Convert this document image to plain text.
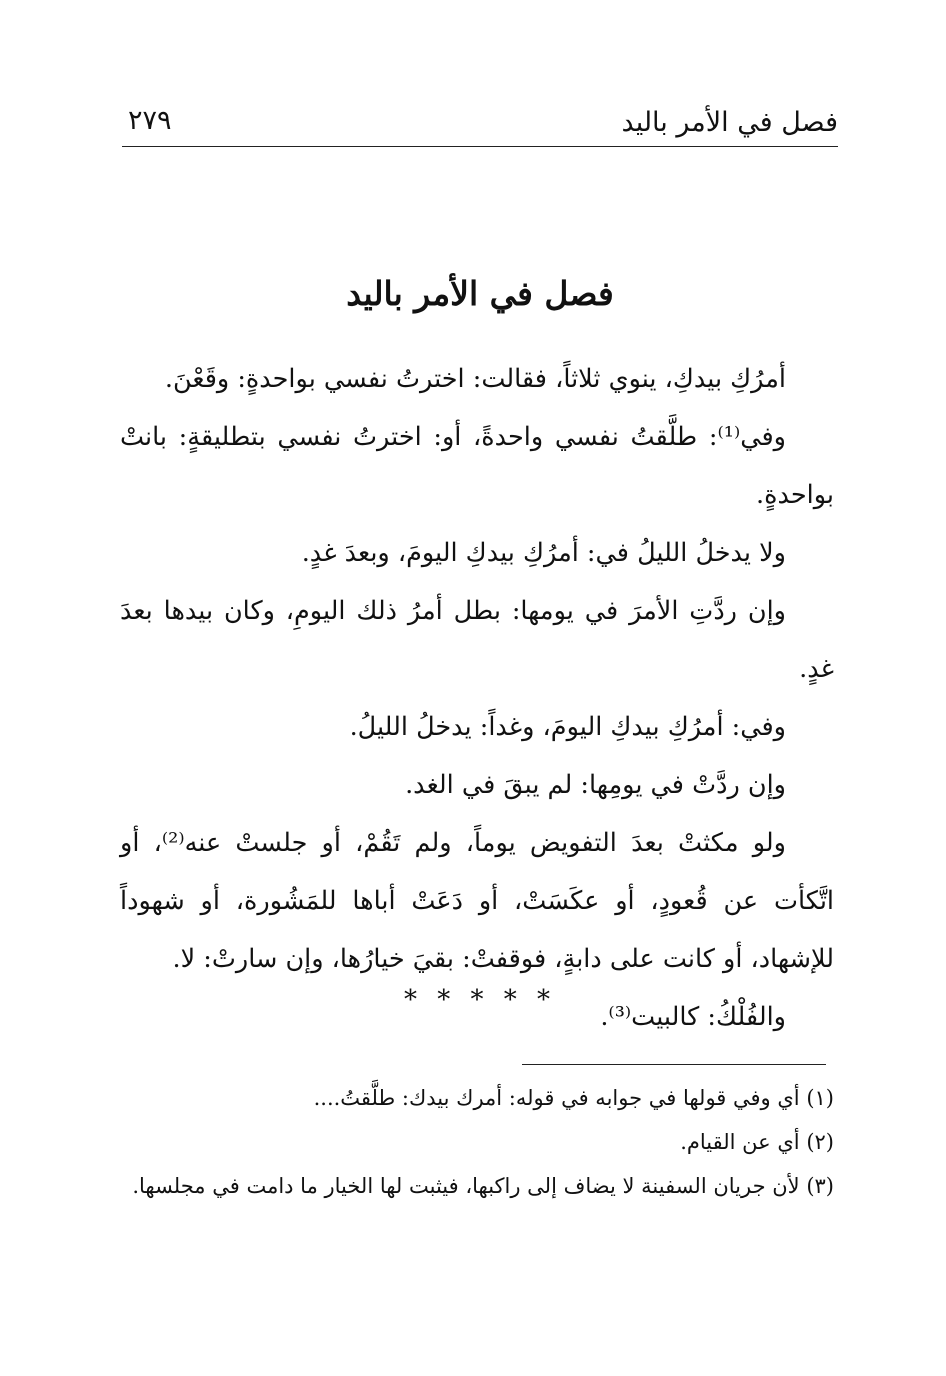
فصل في الأمر باليد
٢٧٩
فصل في الأمر باليد

أمرُكِ بيدكِ، ينوي ثلاثاً، فقالت: اخترتُ نفسي بواحدةٍ: وقَعْنَ.

وفي⁽¹⁾: طلَّقتُ نفسي واحدةً، أو: اخترتُ نفسي بتطليقةٍ: بانتْ بواحدةٍ.

ولا يدخلُ الليلُ في: أمرُكِ بيدكِ اليومَ، وبعدَ غدٍ.

وإن ردَّتِ الأمرَ في يومها: بطل أمرُ ذلك اليومِ، وكان بيدها بعدَ غدٍ.

وفي: أمرُكِ بيدكِ اليومَ، وغداً: يدخلُ الليلُ.

وإن ردَّتْ في يومِها: لم يبقَ في الغد.

ولو مكثتْ بعدَ التفويض يوماً، ولم تَقُمْ، أو جلستْ عنه⁽²⁾، أو اتَّكأت عن قُعودٍ، أو عكَسَتْ، أو دَعَتْ أباها للمَشُورة، أو شهوداً للإشهاد، أو كانت على دابةٍ، فوقفتْ: بقيَ خيارُها، وإن سارتْ: لا.

والفُلْكُ: كالبيت⁽³⁾.

* * * * *

(١) أي وفي قولها في جوابه في قوله: أمرك بيدك: طلَّقتُ....

(٢) أي عن القيام.

(٣) لأن جريان السفينة لا يضاف إلى راكبها، فيثبت لها الخيار ما دامت في مجلسها.
